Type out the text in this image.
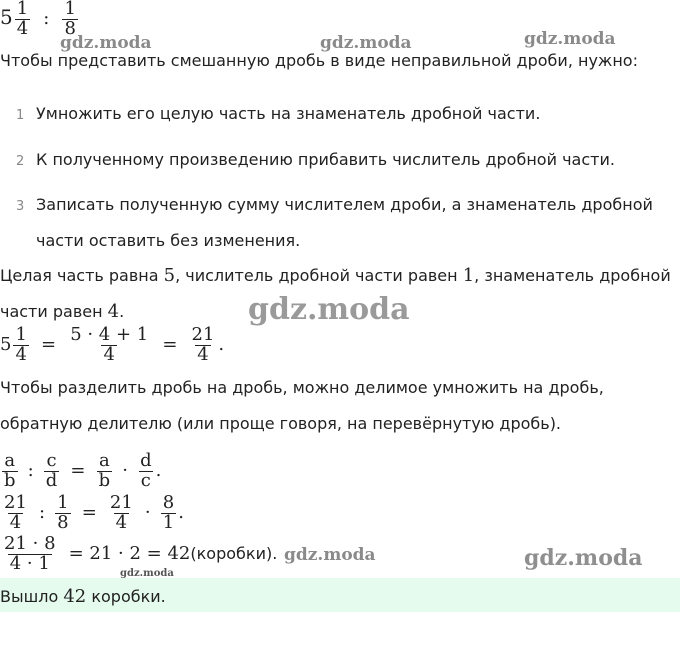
$5 \frac{1}{4}$ : $\frac{1}{8}$
Чтобы представить смешанную дробь в виде неправильной дроби, нужно:
1 Умножить его целую часть на знаменатель дробной части.
2 К полученному произведению прибавить числитель дробной части.
3 Записать полученную сумму числителем дроби, а знаменатель дробной
части оставить без изменения.
Целая часть равна 5, числитель дробной части равен 1, знаменатель дробной
части равен 4.
$5 \frac{1}{4} = \frac{5 \cdot 4 + 1}{4} = \frac{21}{4}$ .
Чтобы разделить дробь на дробь, можно делимое умножить на дробь,
обратную делителю (или проще говоря, на перевёрнутую дробь).
$\frac{a}{b}$ : $\frac{c}{d} = \frac{a}{b} \cdot \frac{d}{c}$ .
$\frac{21}{4}$ : $\frac{1}{8} = \frac{21}{4} \cdot \frac{8}{1}$ .
$\frac{21 \cdot 8}{4 \cdot 1} = 21 \cdot 2$ = 42(коробки).
Вышло 42 коробки.
gdz.moda	gdz.moda	gdz.moda
gdz.moda
gdz.moda	gdz.moda
gdz.moda
